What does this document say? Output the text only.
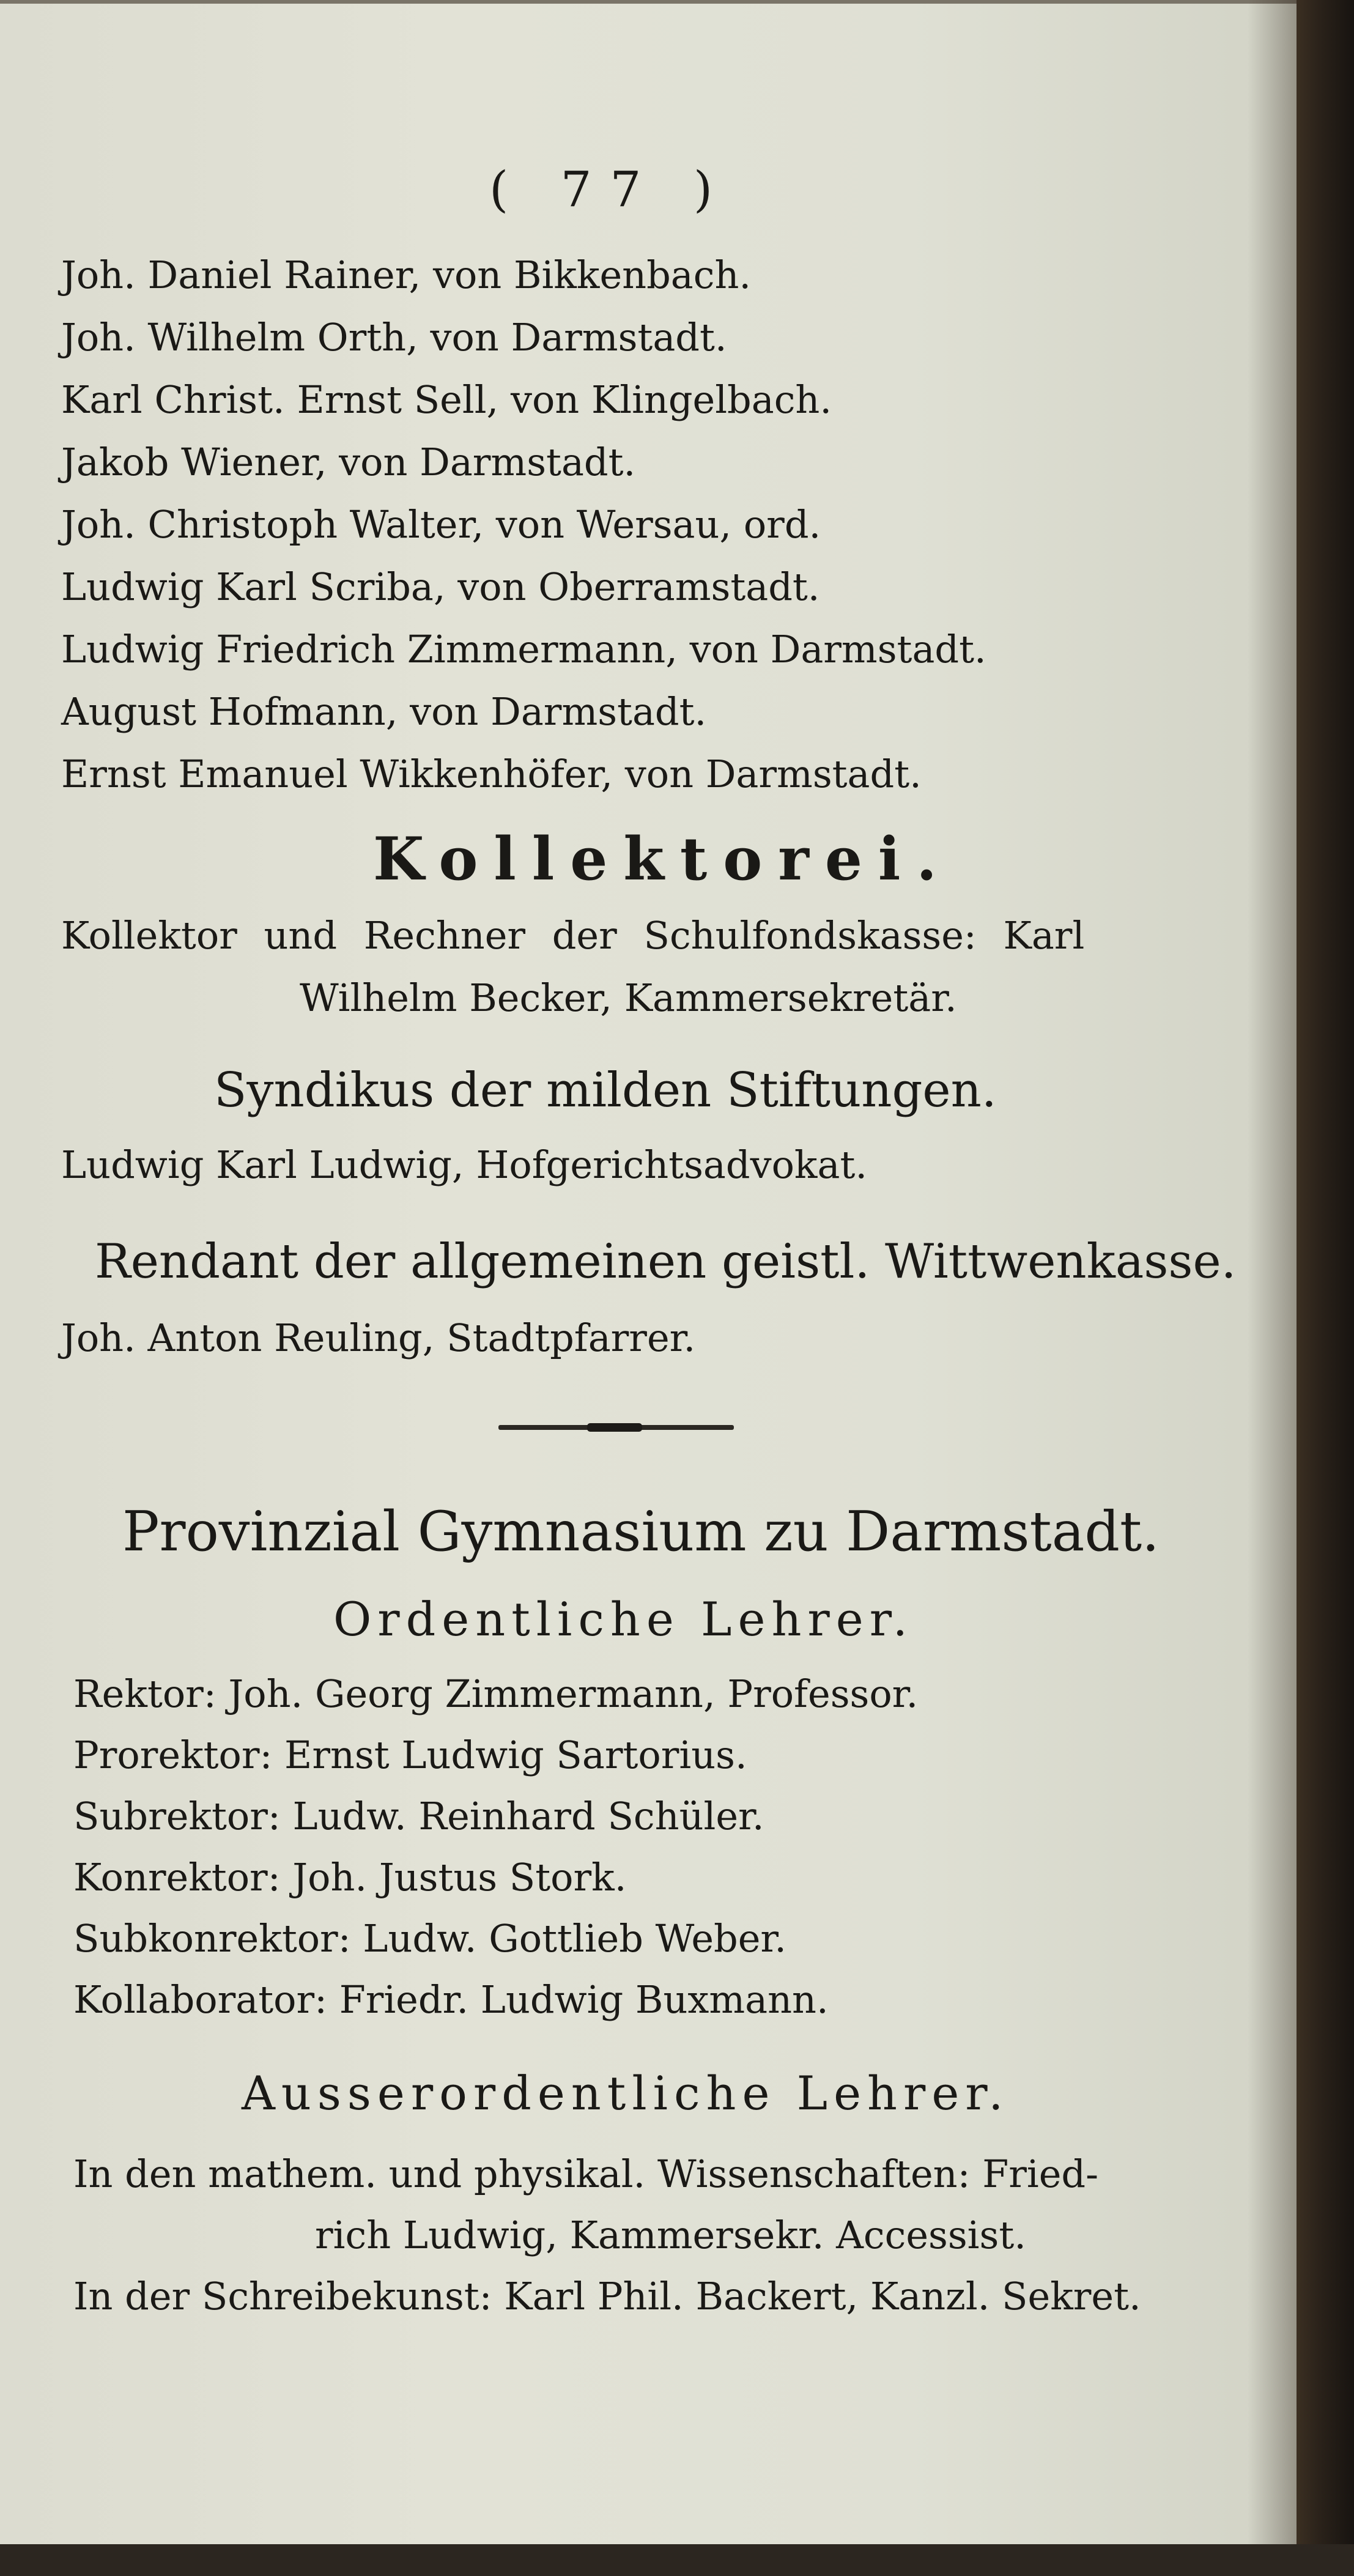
( 77 )
Joh. Daniel Rainer, von Bikkenbach.
Joh. Wilhelm Orth, von Darmstadt.
Karl Christ. Ernst Sell, von Klingelbach.
Jakob Wiener, von Darmstadt.
Joh. Christoph Walter, von Wersau, ord.
Ludwig Karl Scriba, von Oberramstadt.
Ludwig Friedrich Zimmermann, von Darmstadt.
August Hofmann, von Darmstadt.
Ernst Emanuel Wikkenhöfer, von Darmstadt.
Kollektorei.
Kollektor und Rechner der Schulfondskasse: Karl
Wilhelm Becker, Kammersekretär.
Syndikus der milden Stiftungen.
Ludwig Karl Ludwig, Hofgerichtsadvokat.
Rendant der allgemeinen geistl. Wittwenkasse.
Joh. Anton Reuling, Stadtpfarrer.
Provinzial Gymnasium zu Darmstadt.
Ordentliche Lehrer.
Rektor: Joh. Georg Zimmermann, Professor.
Prorektor: Ernst Ludwig Sartorius.
Subrektor: Ludw. Reinhard Schüler.
Konrektor: Joh. Justus Stork.
Subkonrektor: Ludw. Gottlieb Weber.
Kollaborator: Friedr. Ludwig Buxmann.
Ausserordentliche Lehrer.
In den mathem. und physikal. Wissenschaften: Fried-
rich Ludwig, Kammersekr. Accessist.
In der Schreibekunst: Karl Phil. Backert, Kanzl. Sekret.
